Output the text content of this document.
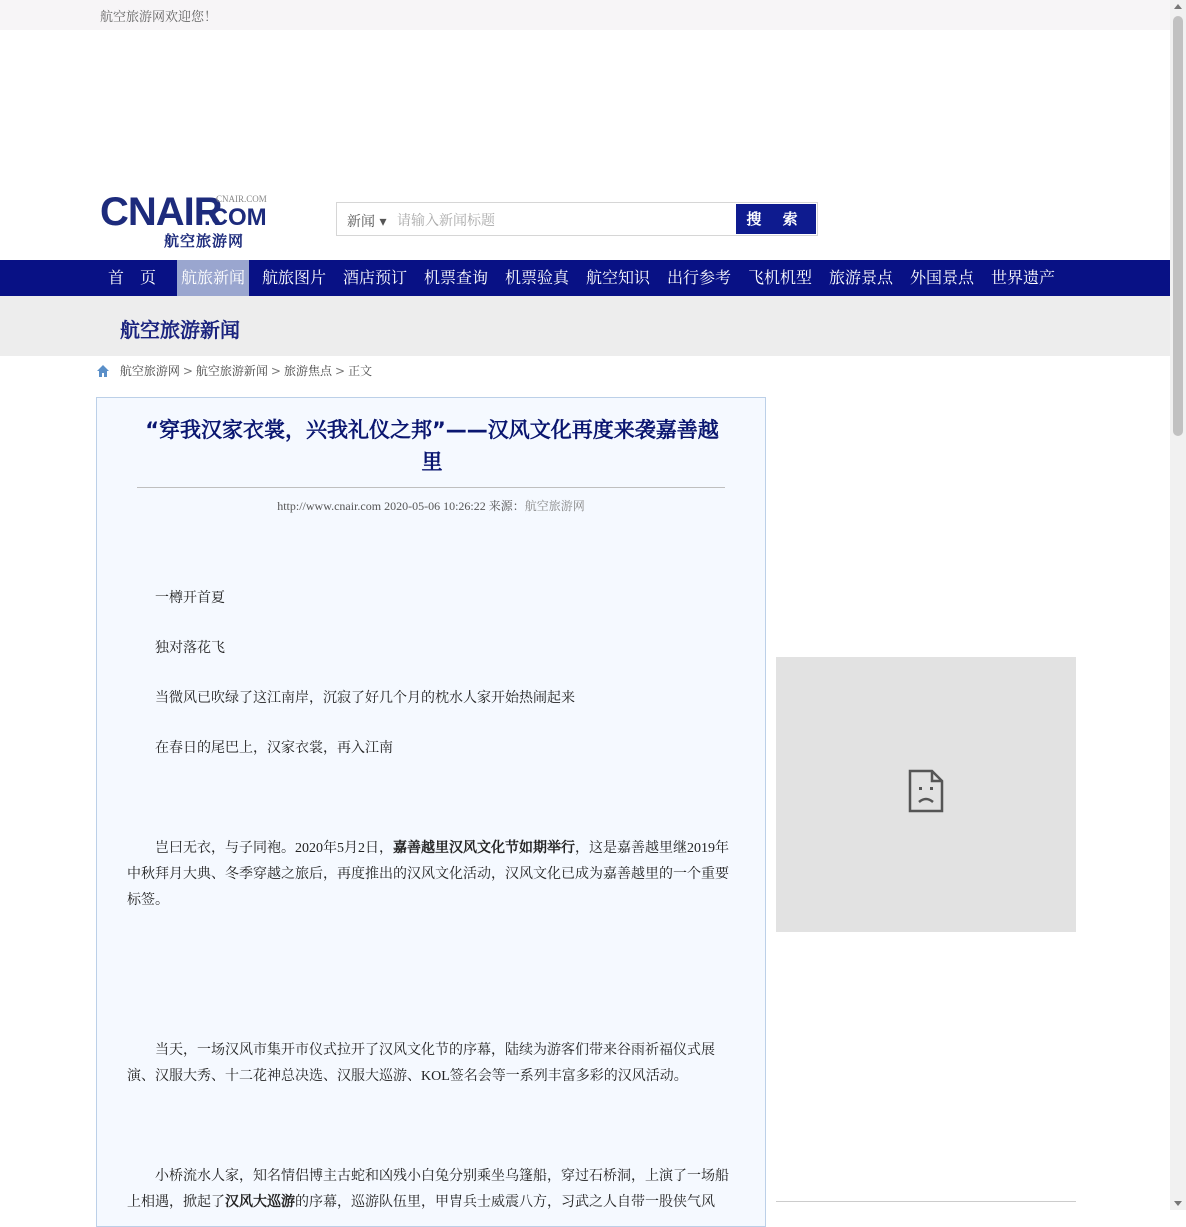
航空旅游网欢迎您！
CNAIR
CNAIR.COM
.COM
航空旅游网
新闻 ▾
请输入新闻标题	搜 索
首　页 航旅新闻 航旅图片 酒店预订 机票查询 机票验真 航空知识 出行参考 飞机机型 旅游景点 外国景点 世界遗产
航空旅游新闻
航空旅游网 > 航空旅游新闻 > 旅游焦点 > 正文
“穿我汉家衣裳，兴我礼仪之邦”——汉风文化再度来袭嘉善越里
http://www.cnair.com 2020-05-06 10:26:22 来源：航空旅游网
　　一樽开首夏
　　独对落花飞
　　当微风已吹绿了这江南岸，沉寂了好几个月的枕水人家开始热闹起来
　　在春日的尾巴上，汉家衣裳，再入江南
　　岂曰无衣，与子同袍。2020年5月2日，嘉善越里汉风文化节如期举行，这是嘉善越里继2019年中秋拜月大典、冬季穿越之旅后，再度推出的汉风文化活动，汉风文化已成为嘉善越里的一个重要标签。
　　当天，一场汉风市集开市仪式拉开了汉风文化节的序幕，陆续为游客们带来谷雨祈福仪式展演、汉服大秀、十二花神总决选、汉服大巡游、KOL签名会等一系列丰富多彩的汉风活动。
　　小桥流水人家，知名情侣博主古蛇和凶残小白兔分别乘坐乌篷船，穿过石桥洞，上演了一场船上相遇，掀起了汉风大巡游的序幕，巡游队伍里，甲胄兵士威震八方，习武之人自带一股侠气风
